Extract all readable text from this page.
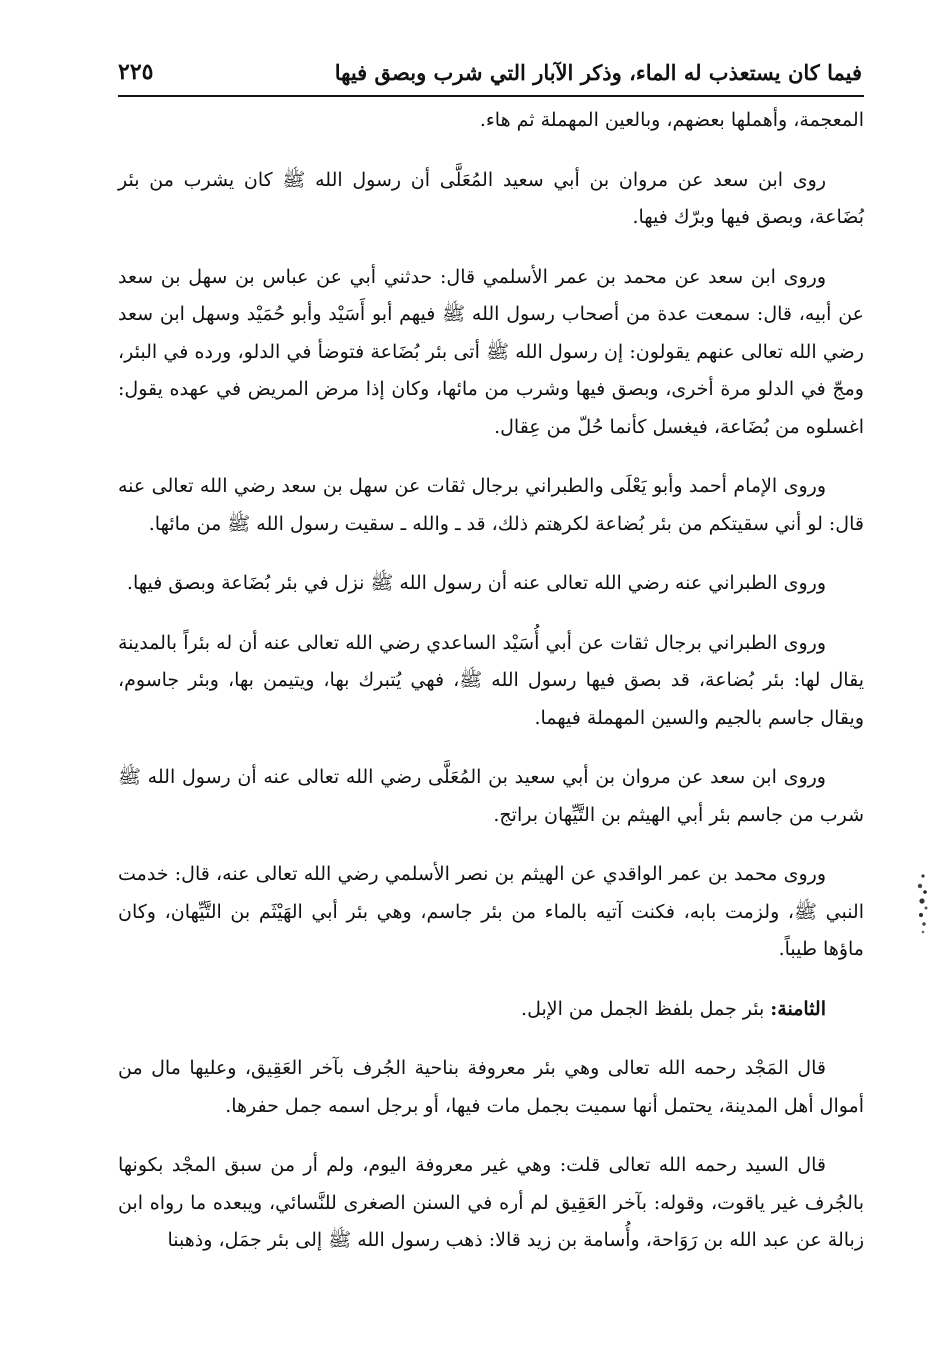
فيما كان يستعذب له الماء، وذكر الآبار التي شرب وبصق فيها
٢٢٥

المعجمة، وأهملها بعضهم، وبالعين المهملة ثم هاء.

روى ابن سعد عن مروان بن أبي سعيد المُعَلَّى أن رسول الله ﷺ كان يشرب من بئر بُضَاعة، وبصق فيها وبرّك فيها.

وروى ابن سعد عن محمد بن عمر الأسلمي قال: حدثني أبي عن عباس بن سهل بن سعد عن أبيه، قال: سمعت عدة من أصحاب رسول الله ﷺ فيهم أبو أَسَيْد وأبو حُمَيْد وسهل ابن سعد رضي الله تعالى عنهم يقولون: إن رسول الله ﷺ أتى بئر بُضَاعة فتوضأ في الدلو، ورده في البئر، ومجّ في الدلو مرة أخرى، وبصق فيها وشرب من مائها، وكان إذا مرض المريض في عهده يقول: اغسلوه من بُضَاعة، فيغسل كأنما حُلّ من عِقال.

وروى الإمام أحمد وأبو يَعْلَى والطبراني برجال ثقات عن سهل بن سعد رضي الله تعالى عنه قال: لو أني سقيتكم من بئر بُضاعة لكرهتم ذلك، قد ـ والله ـ سقيت رسول الله ﷺ من مائها.

وروى الطبراني عنه رضي الله تعالى عنه أن رسول الله ﷺ نزل في بئر بُضَاعة وبصق فيها.

وروى الطبراني برجال ثقات عن أبي أُسَيْد الساعدي رضي الله تعالى عنه أن له بئراً بالمدينة يقال لها: بئر بُضاعة، قد بصق فيها رسول الله ﷺ، فهي يُتبرك بها، ويتيمن بها، وبئر جاسوم، ويقال جاسم بالجيم والسين المهملة فيهما.

وروى ابن سعد عن مروان بن أبي سعيد بن المُعَلَّى رضي الله تعالى عنه أن رسول الله ﷺ شرب من جاسم بئر أبي الهيثم بن التَّيِّهان براتج.

وروى محمد بن عمر الواقدي عن الهيثم بن نصر الأسلمي رضي الله تعالى عنه، قال: خدمت النبي ﷺ، ولزمت بابه، فكنت آتيه بالماء من بئر جاسم، وهي بئر أبي الهَيْثَم بن التَّيِّهان، وكان ماؤها طيباً.

الثامنة: بئر جمل بلفظ الجمل من الإبل.

قال المَجْد رحمه الله تعالى وهي بئر معروفة بناحية الجُرف بآخر العَقِيق، وعليها مال من أموال أهل المدينة، يحتمل أنها سميت بجمل مات فيها، أو برجل اسمه جمل حفرها.

قال السيد رحمه الله تعالى قلت: وهي غير معروفة اليوم، ولم أر من سبق المجْد بكونها بالجُرف غير ياقوت، وقوله: بآخر العَقِيق لم أره في السنن الصغرى للنَّسائي، ويبعده ما رواه ابن زبالة عن عبد الله بن رَوَاحة، وأُسامة بن زيد قالا: ذهب رسول الله ﷺ إلى بئر جمَل، وذهبنا
